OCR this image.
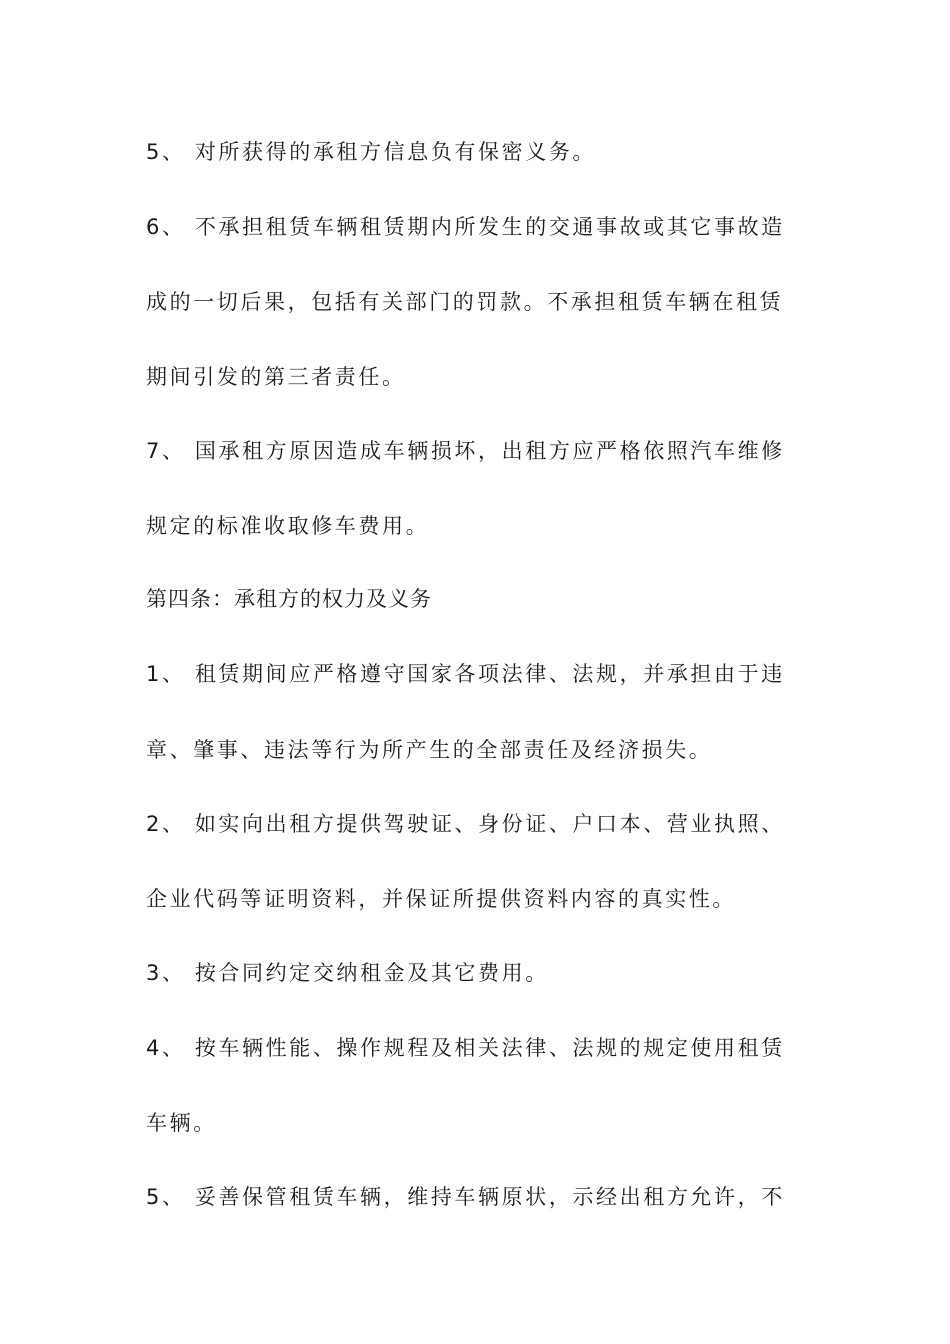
5、 对所获得的承租方信息负有保密义务。
6、 不承担租赁车辆租赁期内所发生的交通事故或其它事故造
成的一切后果，包括有关部门的罚款。不承担租赁车辆在租赁
期间引发的第三者责任。
7、 国承租方原因造成车辆损坏，出租方应严格依照汽车维修
规定的标准收取修车费用。
第四条：承租方的权力及义务
1、 租赁期间应严格遵守国家各项法律、法规，并承担由于违
章、肇事、违法等行为所产生的全部责任及经济损失。
2、 如实向出租方提供驾驶证、身份证、户口本、营业执照、
企业代码等证明资料，并保证所提供资料内容的真实性。
3、 按合同约定交纳租金及其它费用。
4、 按车辆性能、操作规程及相关法律、法规的规定使用租赁
车辆。
5、 妥善保管租赁车辆，维持车辆原状，示经出租方允许，不
